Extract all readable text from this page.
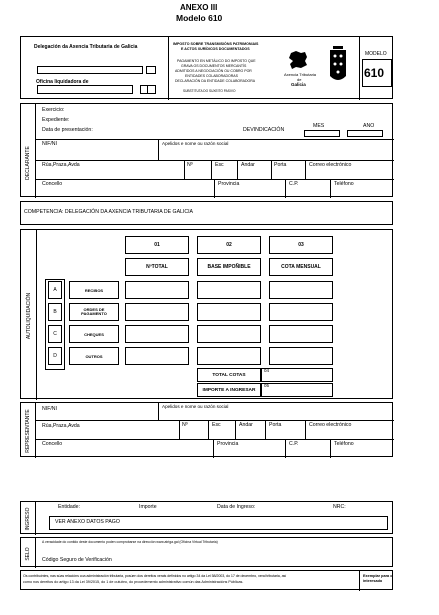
ANEXO III
Modelo 610
Delegación da Axencia Tributaria de Galicia
Oficina liquidadora de
IMPOSTO SOBRE TRANSMISIÓNS PATRIMONIAIS
E ACTOS XURÍDICOS DOCUMENTADOS
PAGAMENTO EN METÁLICO DO IMPOSTO QUE
GRAVA OS DOCUMENTOS MERCANTÍS
ADMITIDOS A NEGOCIACIÓN OU COBRO POR
ENTIDADES COLABORADORAS
DECLARACIÓN DA ENTIDADE COLABORADORA
SUBSTITUTA DO SUXEITO PASIVO
Axencia Tributaria
de
Galicia
MODELO
610
DECLARANTE
Exercicio:
Expediente:
Data de presentación:	DEVINDICACIÓN
MES	ANO
NIF/NI	Apelidos e nome ou razón social
Rúa,Praza,Avda	Nº	Esc	Andar	Porta	Correo electrónico
Concello	Provincia	C.P.	Teléfono
COMPETENCIA: DELEGACIÓN DA AXENCIA TRIBUTARIA DE GALICIA
AUTOLIQUIDACIÓN
01	02	03
NºTOTAL	BASE IMPOÑIBLE	COTA MENSUAL
A	RECIBOS
B	ORDES DE PAGAMENTO
C	CHEQUES
D	OUTROS
TOTAL COTAS
04
IMPORTE A INGRESAR
05
REPRESENTANTE
NIF/NI	Apelidos e nome ou razón social
Rúa,Praza,Avda	Nº	Esc	Andar	Porta	Correo electrónico
Concello	Provincia	C.P.	Teléfono
INGRESO
Entidade:	Importe	Data de Ingreso:	NRC:
VER ANEXO DATOS PAGO
SELO
A veracidade do contido deste documento poden comprobarse na dirección www.atriga.gal (Oficina Virtual Tributaria)
Código Seguro de Verificación
Os contribuíntes, nas súas relacións coa administración tributaria, posúen dos dereitos xerais definidos no artigo 34 da Lei 58/2003, do 17 de decembro, xeral tributaria, así
como nos dereitos do artigo 13 da Lei 39/2015, do 1 de outubro, do procedemento administrativo común das Administracións Públicas.
Exemplar para o interesado
